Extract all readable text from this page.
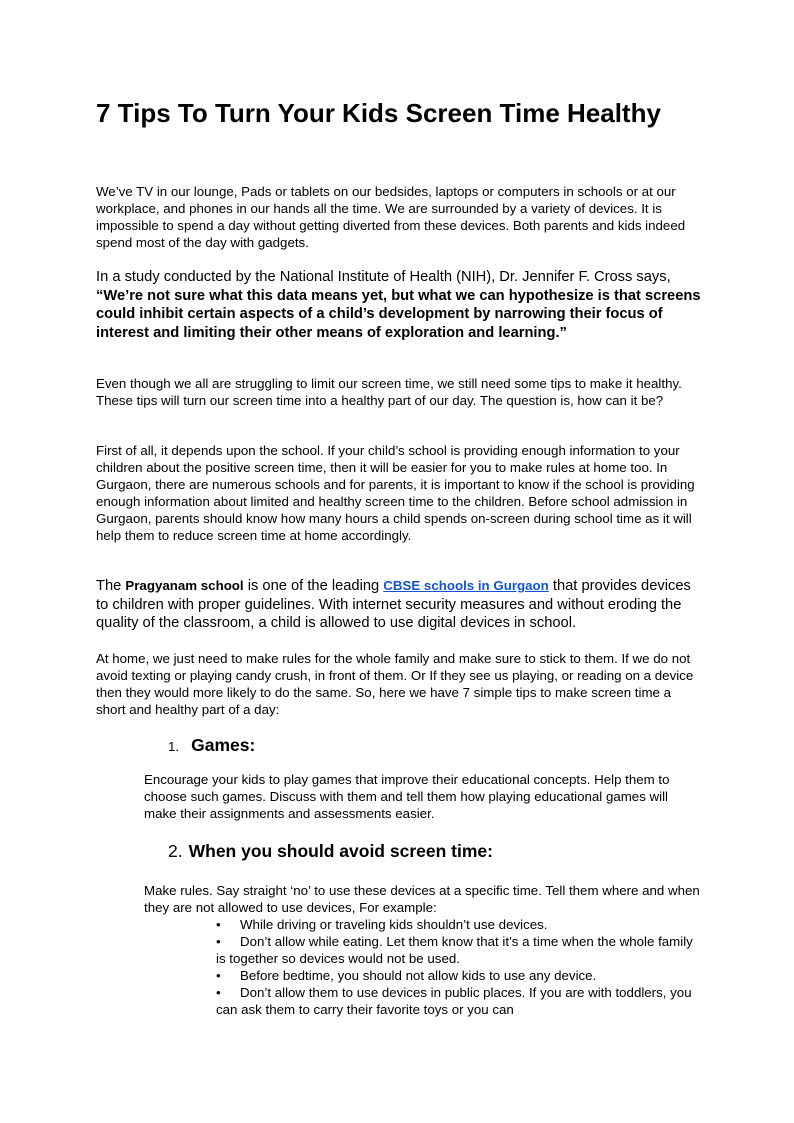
7 Tips To Turn Your Kids Screen Time Healthy

We’ve TV in our lounge, Pads or tablets on our bedsides, laptops or computers in schools or at our workplace, and phones in our hands all the time. We are surrounded by a variety of devices. It is impossible to spend a day without getting diverted from these devices. Both parents and kids indeed spend most of the day with gadgets.

In a study conducted by the National Institute of Health (NIH), Dr. Jennifer F. Cross says, “We’re not sure what this data means yet, but what we can hypothesize is that screens could inhibit certain aspects of a child’s development by narrowing their focus of interest and limiting their other means of exploration and learning.”

Even though we all are struggling to limit our screen time, we still need some tips to make it healthy. These tips will turn our screen time into a healthy part of our day. The question is, how can it be?

First of all, it depends upon the school. If your child’s school is providing enough information to your children about the positive screen time, then it will be easier for you to make rules at home too. In Gurgaon, there are numerous schools and for parents, it is important to know if the school is providing enough information about limited and healthy screen time to the children. Before school admission in Gurgaon, parents should know how many hours a child spends on-screen during school time as it will help them to reduce screen time at home accordingly.

The Pragyanam school is one of the leading CBSE schools in Gurgaon that provides devices to children with proper guidelines. With internet security measures and without eroding the quality of the classroom, a child is allowed to use digital devices in school.

At home, we just need to make rules for the whole family and make sure to stick to them. If we do not avoid texting or playing candy crush, in front of them. Or If they see us playing, or reading on a device then they would more likely to do the same. So, here we have 7 simple tips to make screen time a short and healthy part of a day:

1. Games:

Encourage your kids to play games that improve their educational concepts. Help them to choose such games. Discuss with them and tell them how playing educational games will make their assignments and assessments easier.

2. When you should avoid screen time:

Make rules. Say straight ‘no’ to use these devices at a specific time. Tell them where and when they are not allowed to use devices, For example:

• While driving or traveling kids shouldn’t use devices.

• Don’t allow while eating. Let them know that it’s a time when the whole family is together so devices would not be used.

• Before bedtime, you should not allow kids to use any device.

• Don’t allow them to use devices in public places. If you are with toddlers, you can ask them to carry their favorite toys or you can
